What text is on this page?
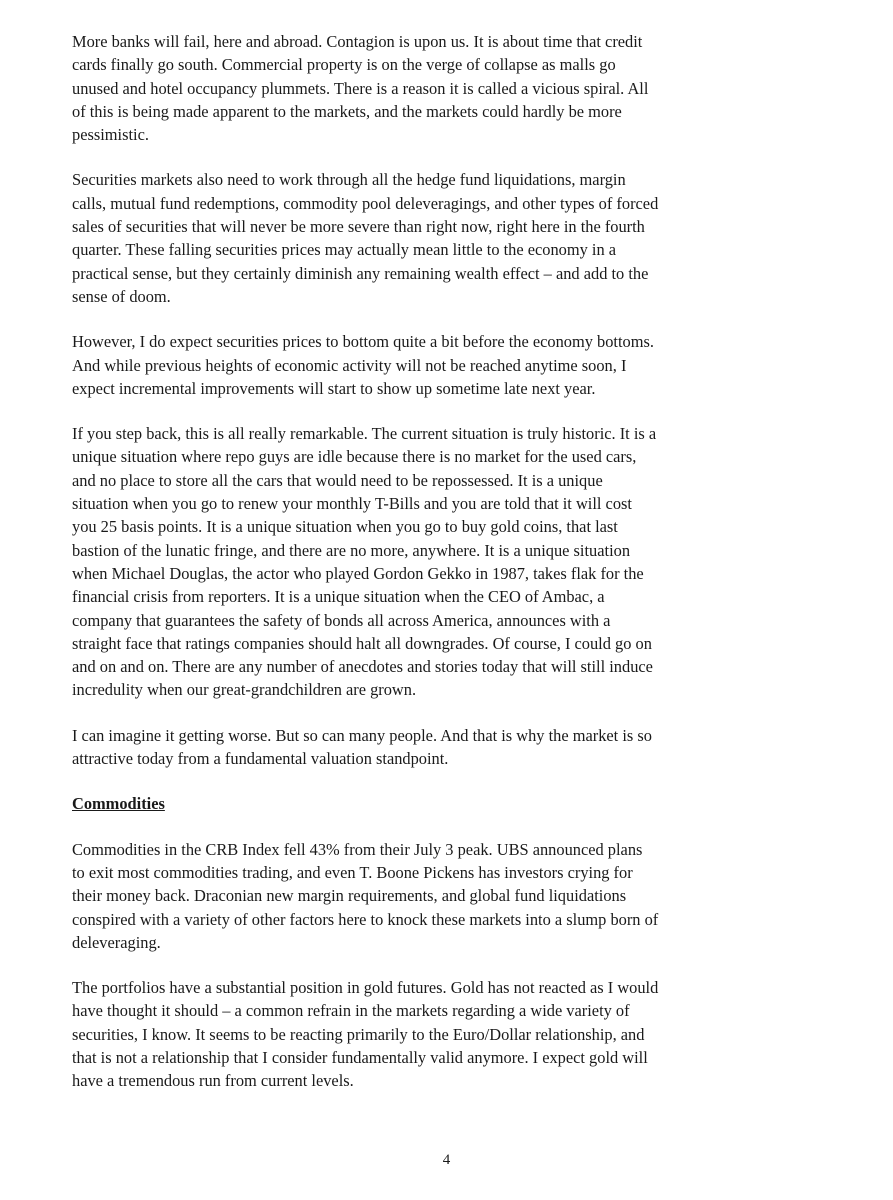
More banks will fail, here and abroad. Contagion is upon us. It is about time that credit
cards finally go south. Commercial property is on the verge of collapse as malls go
unused and hotel occupancy plummets. There is a reason it is called a vicious spiral. All
of this is being made apparent to the markets, and the markets could hardly be more
pessimistic.
Securities markets also need to work through all the hedge fund liquidations, margin
calls, mutual fund redemptions, commodity pool deleveragings, and other types of forced
sales of securities that will never be more severe than right now, right here in the fourth
quarter. These falling securities prices may actually mean little to the economy in a
practical sense, but they certainly diminish any remaining wealth effect – and add to the
sense of doom.
However, I do expect securities prices to bottom quite a bit before the economy bottoms.
And while previous heights of economic activity will not be reached anytime soon, I
expect incremental improvements will start to show up sometime late next year.
If you step back, this is all really remarkable. The current situation is truly historic. It is a
unique situation where repo guys are idle because there is no market for the used cars,
and no place to store all the cars that would need to be repossessed. It is a unique
situation when you go to renew your monthly T-Bills and you are told that it will cost
you 25 basis points. It is a unique situation when you go to buy gold coins, that last
bastion of the lunatic fringe, and there are no more, anywhere. It is a unique situation
when Michael Douglas, the actor who played Gordon Gekko in 1987, takes flak for the
financial crisis from reporters. It is a unique situation when the CEO of Ambac, a
company that guarantees the safety of bonds all across America, announces with a
straight face that ratings companies should halt all downgrades. Of course, I could go on
and on and on. There are any number of anecdotes and stories today that will still induce
incredulity when our great-grandchildren are grown.
I can imagine it getting worse. But so can many people. And that is why the market is so
attractive today from a fundamental valuation standpoint.
Commodities
Commodities in the CRB Index fell 43% from their July 3 peak. UBS announced plans
to exit most commodities trading, and even T. Boone Pickens has investors crying for
their money back. Draconian new margin requirements, and global fund liquidations
conspired with a variety of other factors here to knock these markets into a slump born of
deleveraging.
The portfolios have a substantial position in gold futures. Gold has not reacted as I would
have thought it should – a common refrain in the markets regarding a wide variety of
securities, I know. It seems to be reacting primarily to the Euro/Dollar relationship, and
that is not a relationship that I consider fundamentally valid anymore. I expect gold will
have a tremendous run from current levels.
4
